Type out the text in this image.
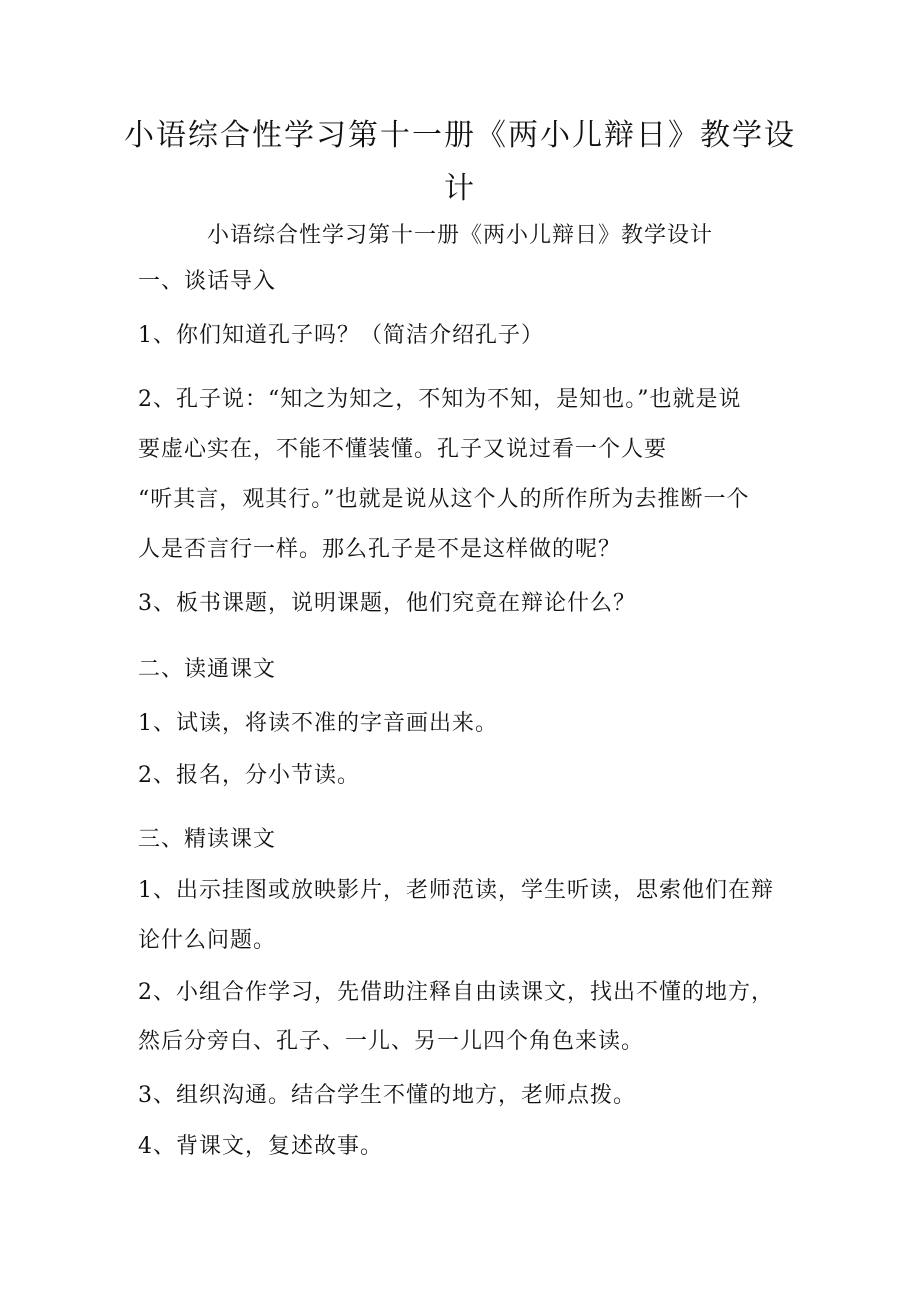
小语综合性学习第十一册《两小儿辩日》教学设
计

小语综合性学习第十一册《两小儿辩日》教学设计

一、谈话导入

1、你们知道孔子吗？（简洁介绍孔子）

2、孔子说：“知之为知之，不知为不知，是知也。”也就是说

要虚心实在，不能不懂装懂。孔子又说过看一个人要

“听其言，观其行。”也就是说从这个人的所作所为去推断一个

人是否言行一样。那么孔子是不是这样做的呢？

3、板书课题，说明课题，他们究竟在辩论什么？

二、读通课文

1、试读，将读不准的字音画出来。

2、报名，分小节读。

三、精读课文

1、出示挂图或放映影片，老师范读，学生听读，思索他们在辩

论什么问题。

2、小组合作学习，先借助注释自由读课文，找出不懂的地方，

然后分旁白、孔子、一儿、另一儿四个角色来读。

3、组织沟通。结合学生不懂的地方，老师点拨。

4、背课文，复述故事。
